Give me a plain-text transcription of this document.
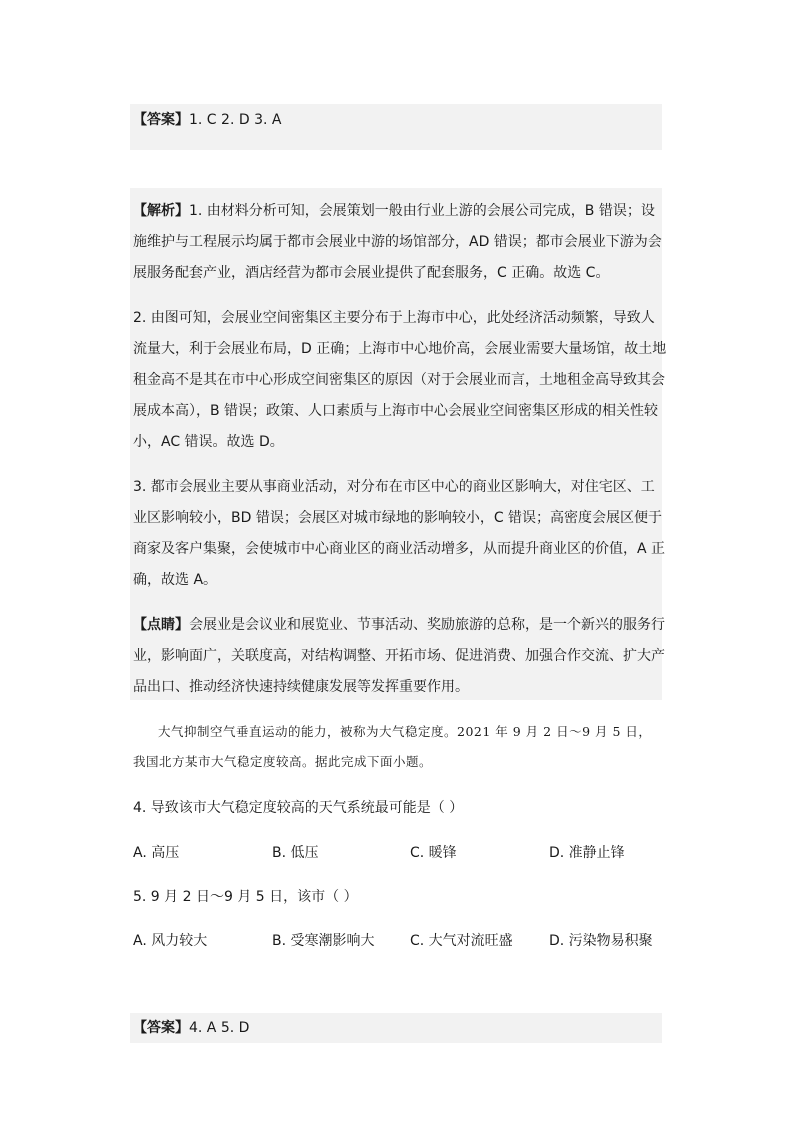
【答案】1. C 2. D 3. A
【解析】1. 由材料分析可知，会展策划一般由行业上游的会展公司完成，B 错误；设
施维护与工程展示均属于都市会展业中游的场馆部分，AD 错误；都市会展业下游为会
展服务配套产业，酒店经营为都市会展业提供了配套服务，C 正确。故选 C。
2. 由图可知，会展业空间密集区主要分布于上海市中心，此处经济活动频繁，导致人
流量大，利于会展业布局，D 正确；上海市中心地价高，会展业需要大量场馆，故土地
租金高不是其在市中心形成空间密集区的原因（对于会展业而言，土地租金高导致其会
展成本高），B 错误；政策、人口素质与上海市中心会展业空间密集区形成的相关性较
小，AC 错误。故选 D。
3. 都市会展业主要从事商业活动，对分布在市区中心的商业区影响大，对住宅区、工
业区影响较小，BD 错误；会展区对城市绿地的影响较小，C 错误；高密度会展区便于
商家及客户集聚，会使城市中心商业区的商业活动增多，从而提升商业区的价值，A 正
确，故选 A。
【点睛】会展业是会议业和展览业、节事活动、奖励旅游的总称，是一个新兴的服务行
业，影响面广，关联度高，对结构调整、开拓市场、促进消费、加强合作交流、扩大产
品出口、推动经济快速持续健康发展等发挥重要作用。
大气抑制空气垂直运动的能力，被称为大气稳定度。2021 年 9 月 2 日～9 月 5 日，
我国北方某市大气稳定度较高。据此完成下面小题。
4. 导致该市大气稳定度较高的天气系统最可能是（ ）
A. 高压	B. 低压	C. 暖锋	D. 准静止锋
5. 9 月 2 日～9 月 5 日，该市（ ）
A. 风力较大	B. 受寒潮影响大	C. 大气对流旺盛	D. 污染物易积聚
【答案】4. A 5. D
